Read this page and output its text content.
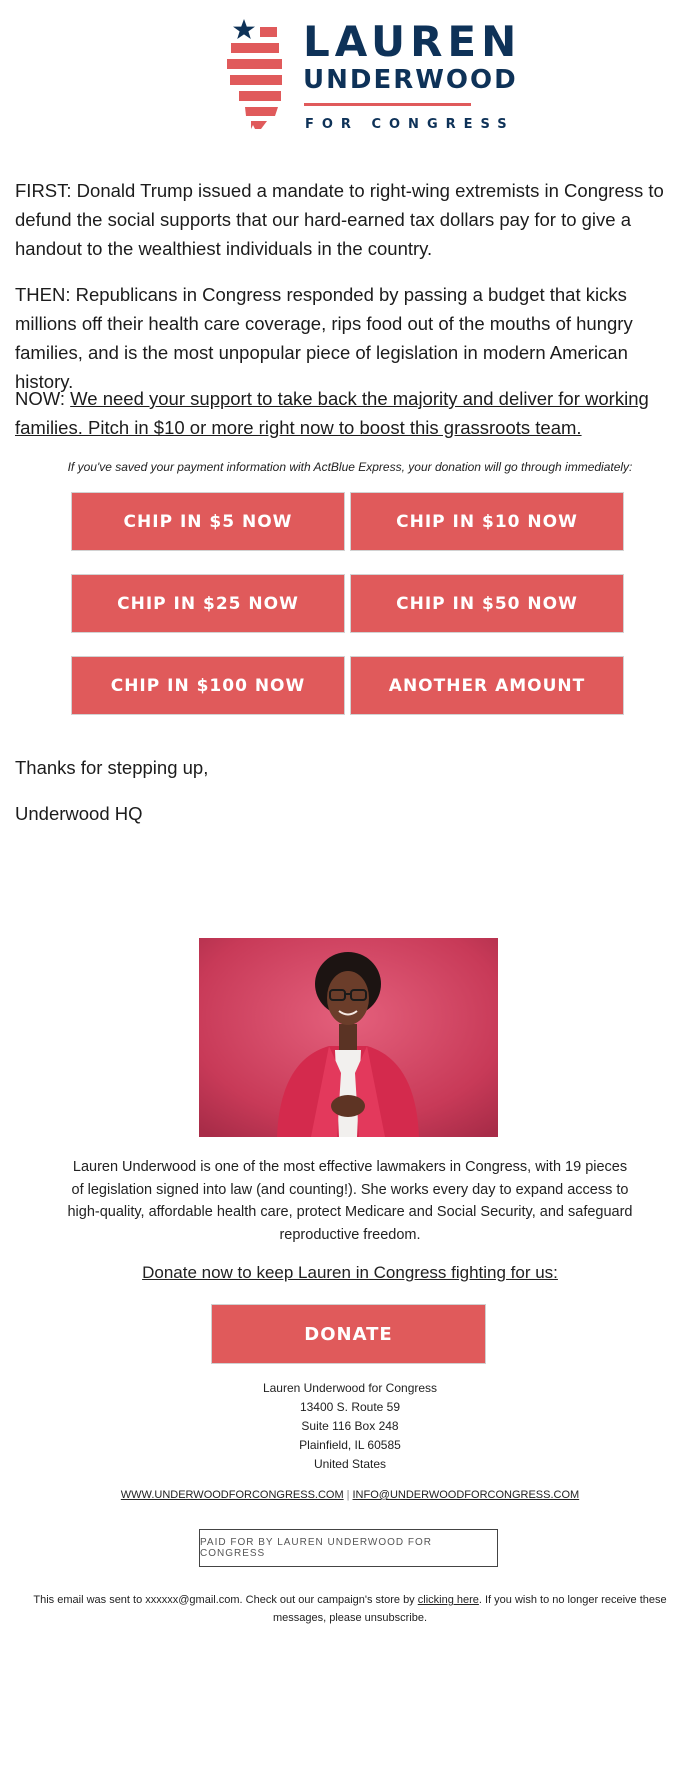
LAUREN
UNDERWOOD
FOR CONGRESS

FIRST: Donald Trump issued a mandate to right-wing extremists in Congress to defund the social supports that our hard-earned tax dollars pay for to give a handout to the wealthiest individuals in the country.

THEN: Republicans in Congress responded by passing a budget that kicks millions off their health care coverage, rips food out of the mouths of hungry families, and is the most unpopular piece of legislation in modern American history.

NOW: We need your support to take back the majority and deliver for working families. Pitch in $10 or more right now to boost this grassroots team.

If you've saved your payment information with ActBlue Express, your donation will go through immediately:
CHIP IN $5 NOW	CHIP IN $10 NOW
CHIP IN $25 NOW	CHIP IN $50 NOW
CHIP IN $100 NOW	ANOTHER AMOUNT
Thanks for stepping up,
Underwood HQ

Lauren Underwood is one of the most effective lawmakers in Congress, with 19 pieces of legislation signed into law (and counting!). She works every day to expand access to high-quality, affordable health care, protect Medicare and Social Security, and safeguard reproductive freedom.

Donate now to keep Lauren in Congress fighting for us:
DONATE
Lauren Underwood for Congress
13400 S. Route 59
Suite 116 Box 248
Plainfield, IL 60585
United States
WWW.UNDERWOODFORCONGRESS.COM | INFO@UNDERWOODFORCONGRESS.COM
PAID FOR BY LAUREN UNDERWOOD FOR CONGRESS

This email was sent to xxxxxx@gmail.com. Check out our campaign's store by clicking here. If you wish to no longer receive these messages, please unsubscribe.
